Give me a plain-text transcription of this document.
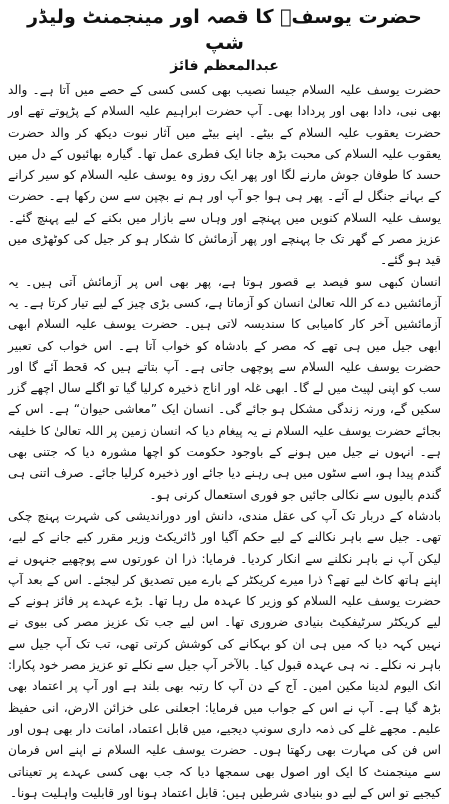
حضرت یوسفؑ کا قصہ اور مینجمنٹ ولیڈر شپ
عبدالمعظم فائز

حضرت یوسف علیہ السلام جیسا نصیب بھی کسی کسی کے حصے میں آتا ہے۔ والد بھی نبی، دادا بھی اور پردادا بھی۔ آپ حضرت ابراہیم علیہ السلام کے پڑپوتے تھے اور حضرت یعقوب علیہ السلام کے بیٹے۔ اپنے بیٹے میں آثار نبوت دیکھ کر والد حضرت یعقوب علیہ السلام کی محبت بڑھ جانا ایک فطری عمل تھا۔ گیارہ بھائیوں کے دل میں حسد کا طوفان جوش مارنے لگا اور پھر ایک روز وہ یوسف علیہ السلام کو سیر کرانے کے بہانے جنگل لے آئے۔ پھر ہی ہوا جو آپ اور ہم نے بچپن سے سن رکھا ہے۔ حضرت یوسف علیہ السلام کنویں میں پہنچے اور وہاں سے بازار میں بکنے کے لیے پہنچ گئے۔ عزیز مصر کے گھر تک جا پہنچے اور پھر آزمائش کا شکار ہو کر جیل کی کوٹھڑی میں قید ہو گئے۔

انسان کبھی سو فیصد بے قصور ہوتا ہے، پھر بھی اس پر آزمائش آتی ہیں۔ یہ آزمائشیں دے کر اللہ تعالیٰ انسان کو آزماتا ہے، کسی بڑی چیز کے لیے تیار کرتا ہے۔ یہ آزمائشیں آخر کار کامیابی کا سندیسہ لاتی ہیں۔ حضرت یوسف علیہ السلام ابھی ابھی جیل میں ہی تھے کہ مصر کے بادشاہ کو خواب آتا ہے۔ اس خواب کی تعبیر حضرت یوسف علیہ السلام سے پوچھی جاتی ہے۔ آپ بتاتے ہیں کہ قحط آئے گا اور سب کو اپنی لپیٹ میں لے گا۔ ابھی غلہ اور اناج ذخیرہ کرلیا گیا تو اگلے سال اچھے گزر سکیں گے، ورنہ زندگی مشکل ہو جائے گی۔ انسان ایک ”معاشی حیوان“ ہے۔ اس کے بجائے حضرت یوسف علیہ السلام نے یہ پیغام دیا کہ انسان زمین پر اللہ تعالیٰ کا خلیفہ ہے۔ انہوں نے جیل میں ہونے کے باوجود حکومت کو اچھا مشورہ دیا کہ جتنی بھی گندم پیدا ہو، اسے سٹوں میں ہی رہنے دیا جائے اور ذخیرہ کرلیا جائے۔ صرف اتنی ہی گندم بالیوں سے نکالی جائیں جو فوری استعمال کرنی ہو۔

بادشاہ کے دربار تک آپ کی عقل مندی، دانش اور دوراندیشی کی شہرت پہنچ چکی تھی۔ جیل سے باہر نکالنے کے لیے حکم آگیا اور ڈائریکٹ وزیر مقرر کیے جانے کے لیے، لیکن آپ نے باہر نکلنے سے انکار کردیا۔ فرمایا: ذرا ان عورتوں سے پوچھیے جنہوں نے اپنے ہاتھ کاٹ لیے تھے؟ ذرا میرے کریکٹر کے بارے میں تصدیق کر لیجئے۔ اس کے بعد آپ حضرت یوسف علیہ السلام کو وزیر کا عہدہ مل رہا تھا۔ بڑے عہدے پر فائز ہونے کے لیے کریکٹر سرٹیفکیٹ بنیادی ضروری تھا۔ اس لیے جب تک عزیز مصر کی بیوی نے نہیں کہہ دیا کہ میں ہی ان کو بہکانے کی کوشش کرتی تھی، تب تک آپ جیل سے باہر نہ نکلے۔ نہ ہی عہدہ قبول کیا۔ بالآخر آپ جیل سے نکلے تو عزیز مصر خود پکارا: انک الیوم لدینا مکین امین۔ آج کے دن آپ کا رتبہ بھی بلند ہے اور آپ پر اعتماد بھی بڑھ گیا ہے۔ آپ نے اس کے جواب میں فرمایا: اجعلنی علی خزائن الارض، انی حفیظ علیم۔ مجھے غلے کی ذمہ داری سونپ دیجیے، میں قابل اعتماد، امانت دار بھی ہوں اور اس فن کی مہارت بھی رکھتا ہوں۔ حضرت یوسف علیہ السلام نے اپنے اس فرمان سے مینجمنٹ کا ایک اور اصول بھی سمجھا دیا کہ جب بھی کسی عہدے پر تعیناتی کیجیے تو اس کے لیے دو بنیادی شرطیں ہیں: قابل اعتماد ہونا اور قابلیت واہلیت ہونا۔
